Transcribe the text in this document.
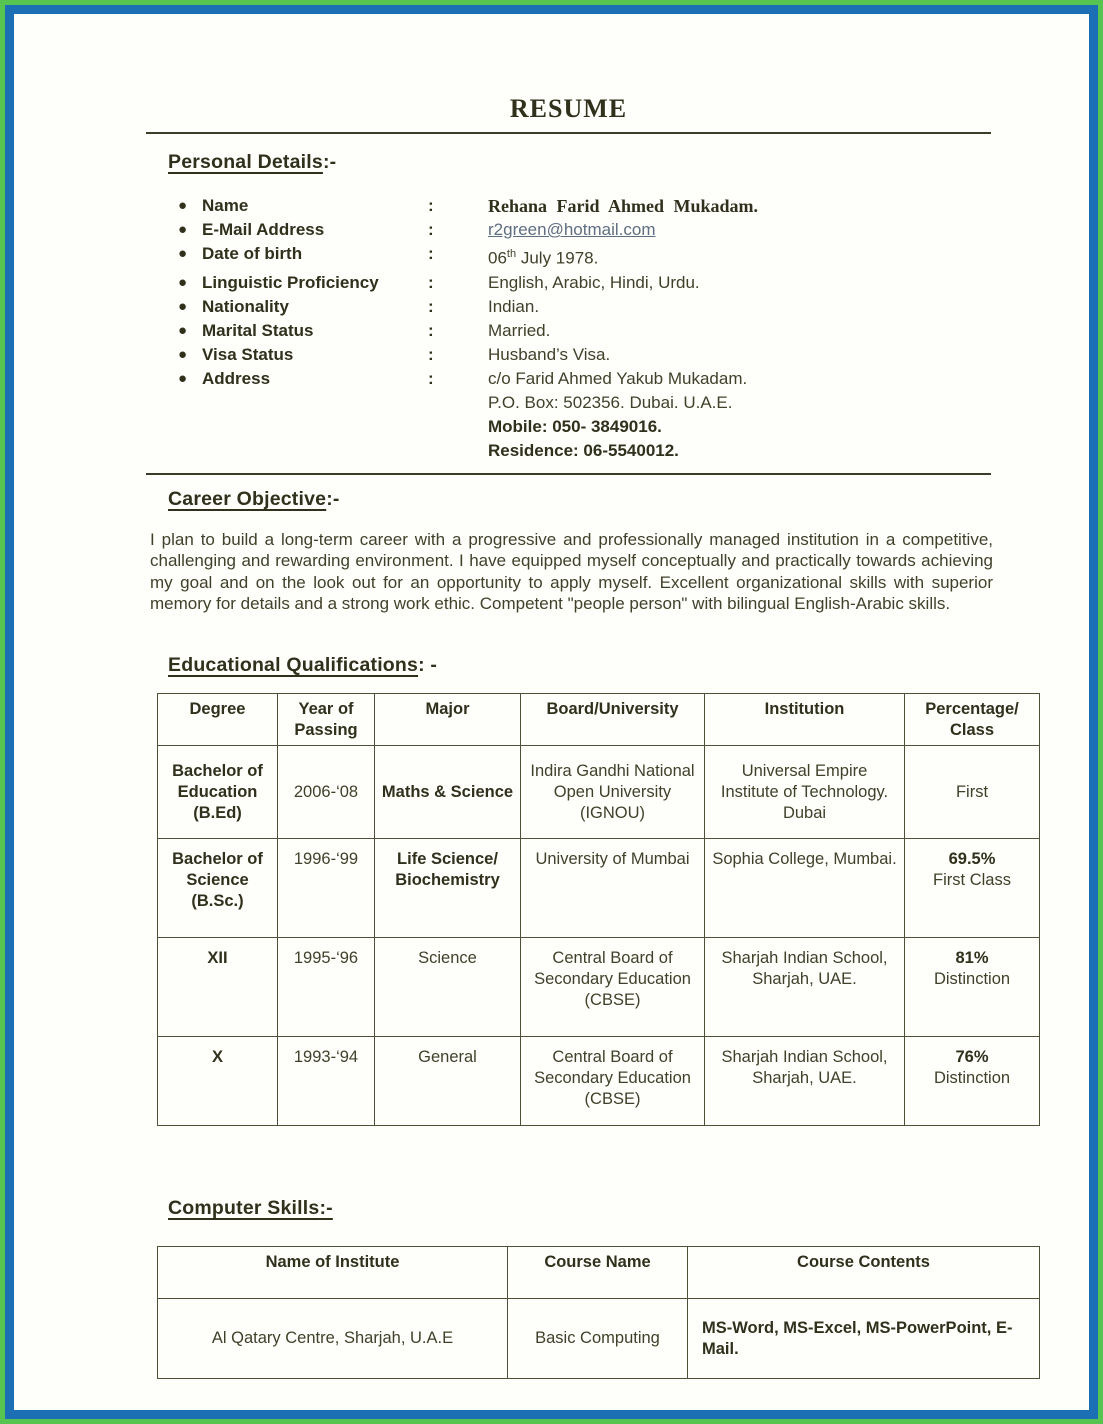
RESUME
Personal Details:-
● Name	:	Rehana Farid Ahmed Mukadam.
● E-Mail Address	:	r2green@hotmail.com
● Date of birth	:	06th July 1978.
● Linguistic Proficiency	:	English, Arabic, Hindi, Urdu.
● Nationality	:	Indian.
● Marital Status	:	Married.
● Visa Status	:	Husband’s Visa.
● Address	:	c/o Farid Ahmed Yakub Mukadam.
P.O. Box: 502356. Dubai. U.A.E.
Mobile: 050- 3849016.
Residence: 06-5540012.
Career Objective:-

I plan to build a long-term career with a progressive and professionally managed institution in a competitive, challenging and rewarding environment. I have equipped myself conceptually and practically towards achieving my goal and on the look out for an opportunity to apply myself. Excellent organizational skills with superior memory for details and a strong work ethic. Competent "people person" with bilingual English-Arabic skills.

Educational Qualifications: -
Degree	Year of Passing	Major	Board/University	Institution	Percentage/ Class
Bachelor of Education (B.Ed)	2006-‘08	Maths & Science	Indira Gandhi National Open University (IGNOU)	Universal Empire Institute of Technology. Dubai	First

Bachelor of Science (B.Sc.)	1996-‘99	Life Science/ Biochemistry	University of Mumbai	Sophia College, Mumbai.	69.5%
First Class

XII	1995-‘96	Science	Central Board of Secondary Education (CBSE)	Sharjah Indian School, Sharjah, UAE.	81%
Distinction

X	1993-‘94	General	Central Board of Secondary Education (CBSE)	Sharjah Indian School, Sharjah, UAE.	76%
Distinction
Computer Skills:-
Name of Institute	Course Name	Course Contents
Al Qatary Centre, Sharjah, U.A.E	Basic Computing	MS-Word, MS-Excel, MS-PowerPoint, E-Mail.
